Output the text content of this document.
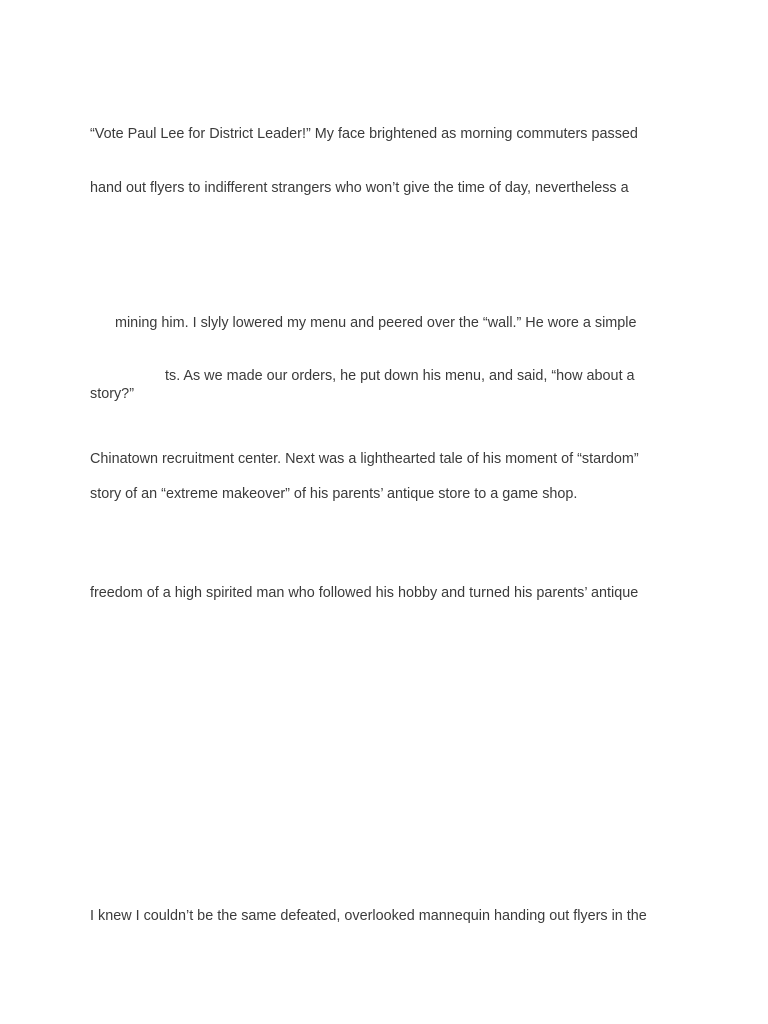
“Vote Paul Lee for District Leader!” My face brightened as morning commuters passed
hand out flyers to indifferent strangers who won’t give the time of day, nevertheless a
mining him. I slyly lowered my menu and peered over the “wall.” He wore a simple
ts. As we made our orders, he put down his menu, and said, “how about a
story?”
Chinatown recruitment center. Next was a lighthearted tale of his moment of “stardom”
story of an “extreme makeover” of his parents’ antique store to a game shop.
freedom of a high spirited man who followed his hobby and turned his parents’ antique
I knew I couldn’t be the same defeated, overlooked mannequin handing out flyers in the
